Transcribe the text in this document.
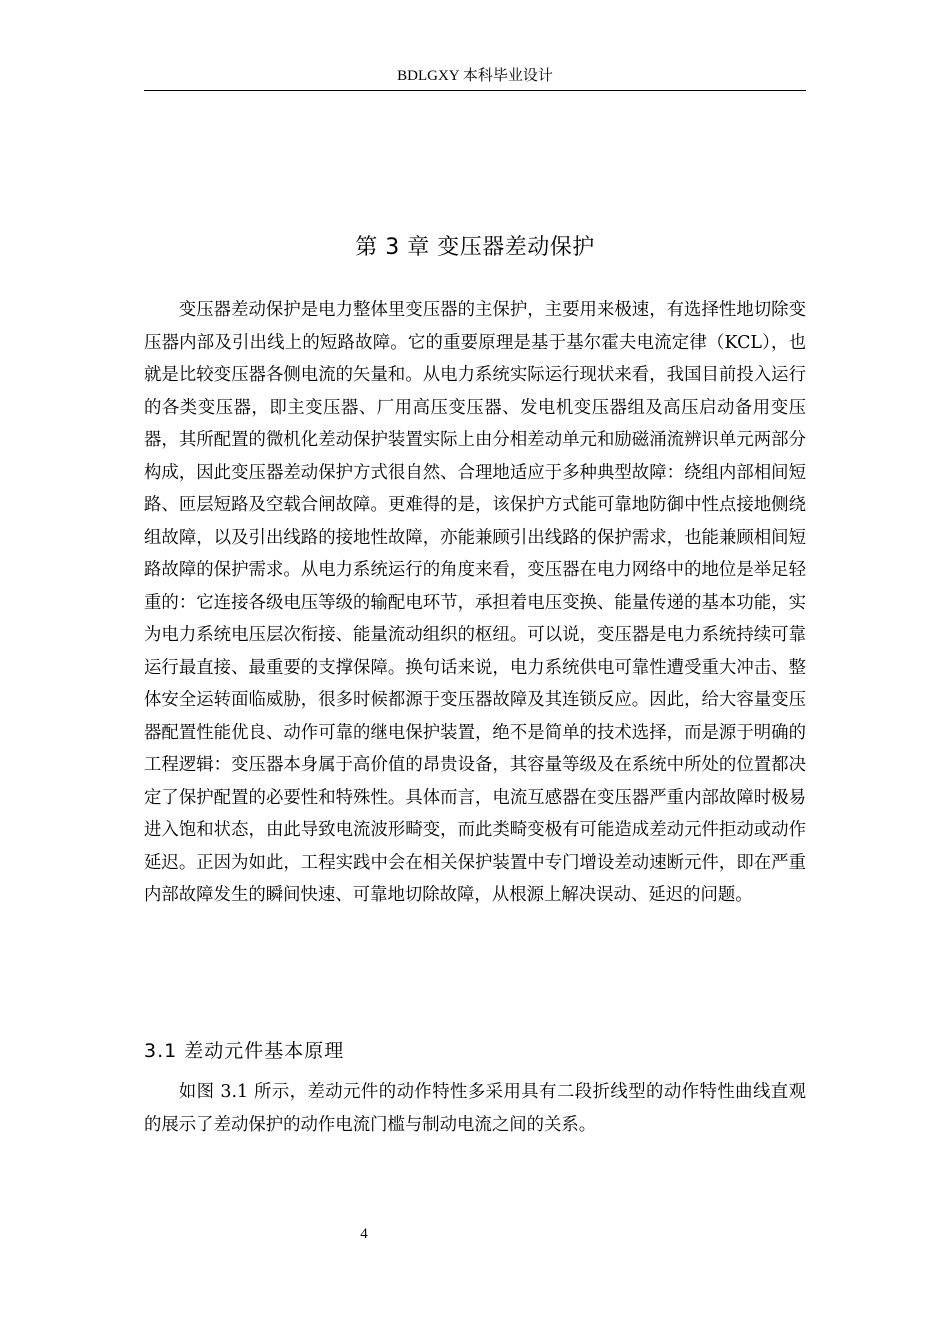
BDLGXY 本科毕业设计
第 3 章 变压器差动保护

变压器差动保护是电力整体里变压器的主保护，主要用来极速，有选择性地切除变压器内部及引出线上的短路故障。它的重要原理是基于基尔霍夫电流定律（KCL），也就是比较变压器各侧电流的矢量和。从电力系统实际运行现状来看，我国目前投入运行的各类变压器，即主变压器、厂用高压变压器、发电机变压器组及高压启动备用变压器，其所配置的微机化差动保护装置实际上由分相差动单元和励磁涌流辨识单元两部分构成，因此变压器差动保护方式很自然、合理地适应于多种典型故障：绕组内部相间短路、匝层短路及空载合闸故障。更难得的是，该保护方式能可靠地防御中性点接地侧绕组故障，以及引出线路的接地性故障，亦能兼顾引出线路的保护需求，也能兼顾相间短路故障的保护需求。从电力系统运行的角度来看，变压器在电力网络中的地位是举足轻重的：它连接各级电压等级的输配电环节，承担着电压变换、能量传递的基本功能，实为电力系统电压层次衔接、能量流动组织的枢纽。可以说，变压器是电力系统持续可靠运行最直接、最重要的支撑保障。换句话来说，电力系统供电可靠性遭受重大冲击、整体安全运转面临威胁，很多时候都源于变压器故障及其连锁反应。因此，给大容量变压器配置性能优良、动作可靠的继电保护装置，绝不是简单的技术选择，而是源于明确的工程逻辑：变压器本身属于高价值的昂贵设备，其容量等级及在系统中所处的位置都决定了保护配置的必要性和特殊性。具体而言，电流互感器在变压器严重内部故障时极易进入饱和状态，由此导致电流波形畸变，而此类畸变极有可能造成差动元件拒动或动作延迟。正因为如此，工程实践中会在相关保护装置中专门增设差动速断元件，即在严重内部故障发生的瞬间快速、可靠地切除故障，从根源上解决误动、延迟的问题。

3.1 差动元件基本原理

如图 3.1 所示，差动元件的动作特性多采用具有二段折线型的动作特性曲线直观的展示了差动保护的动作电流门槛与制动电流之间的关系。

4
